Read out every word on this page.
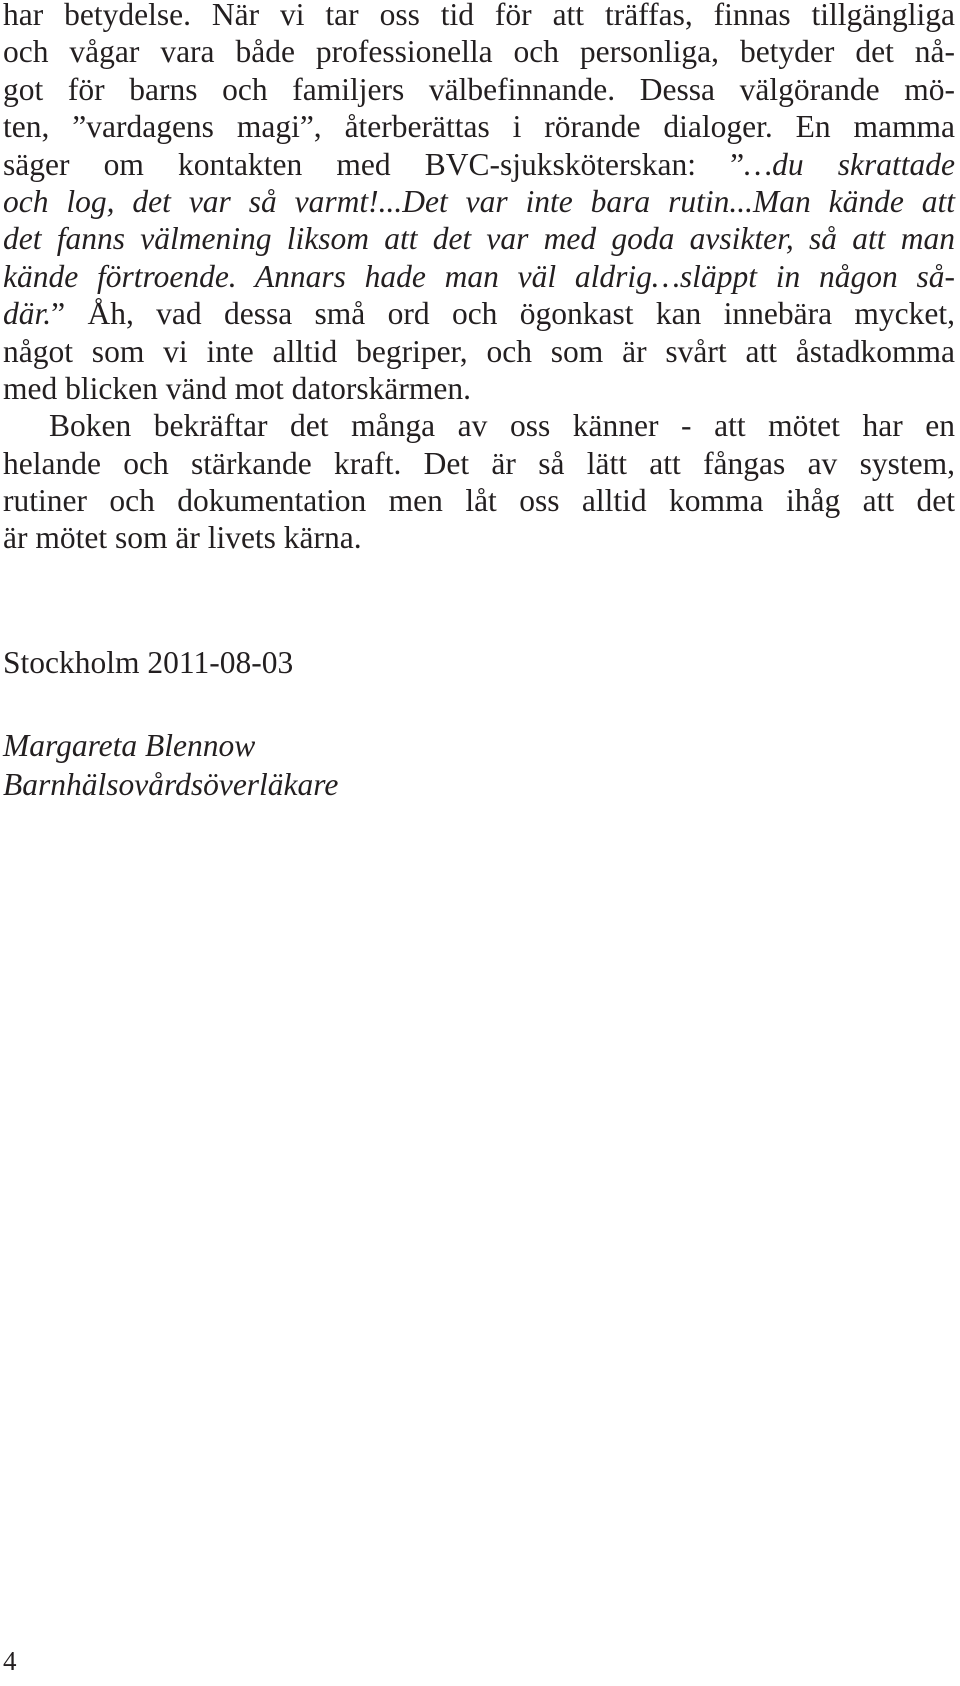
har betydelse. När vi tar oss tid för att träffas, finnas tillgängliga
och vågar vara både professionella och personliga, betyder det nå-
got för barns och familjers välbefinnande. Dessa välgörande mö-
ten, ”vardagens magi”, återberättas i rörande dialoger. En mamma
säger om kontakten med BVC-sjuksköterskan: ”…du skrattade
och log, det var så varmt!...Det var inte bara rutin...Man kände att
det fanns välmening liksom att det var med goda avsikter, så att man
kände förtroende. Annars hade man väl aldrig…släppt in någon så-
där.” Åh, vad dessa små ord och ögonkast kan innebära mycket,
något som vi inte alltid begriper, och som är svårt att åstadkomma
med blicken vänd mot datorskärmen.

Boken bekräftar det många av oss känner - att mötet har en
helande och stärkande kraft. Det är så lätt att fångas av system,
rutiner och dokumentation men låt oss alltid komma ihåg att det
är mötet som är livets kärna.

Stockholm 2011-08-03
Margareta Blennow
Barnhälsovårdsöverläkare
4
